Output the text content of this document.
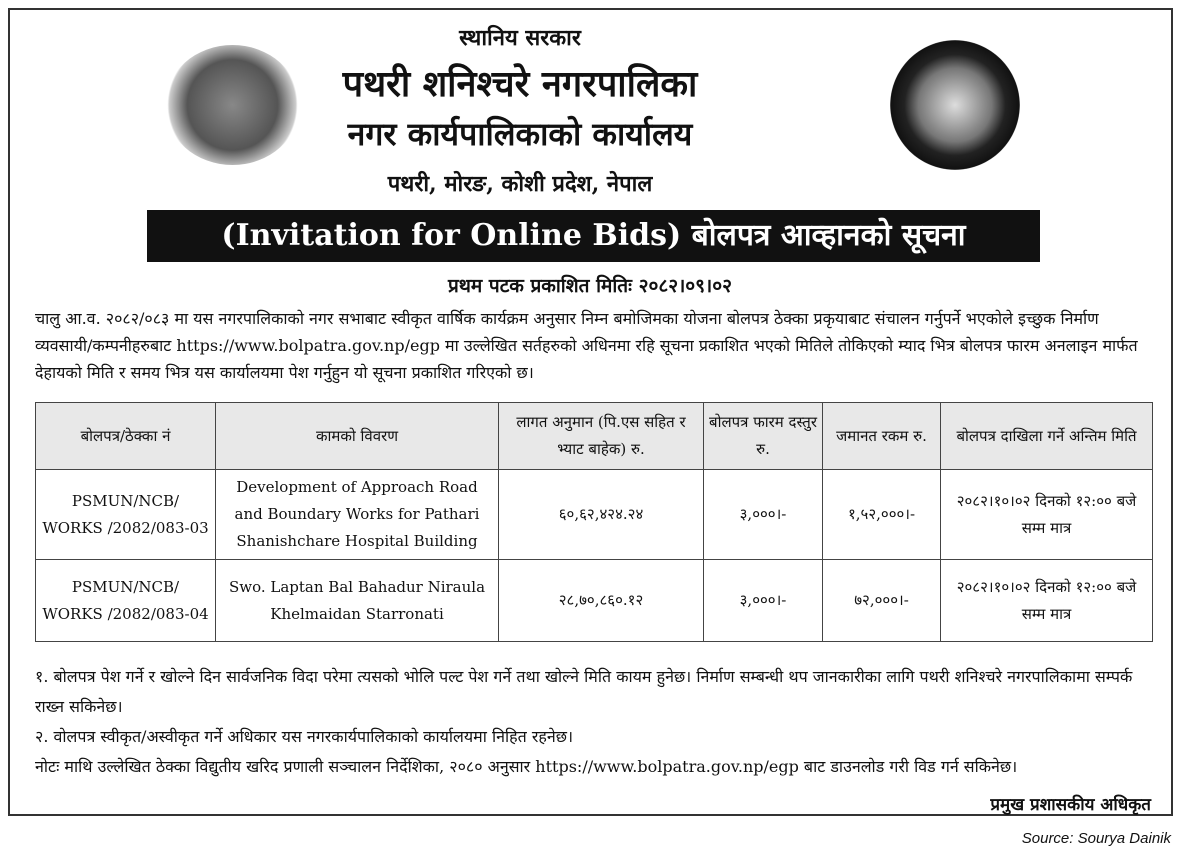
स्थानिय सरकार
पथरी शनिश्चरे नगरपालिका
नगर कार्यपालिकाको कार्यालय
पथरी, मोरङ, कोशी प्रदेश, नेपाल
(Invitation for Online Bids) बोलपत्र आव्हानको सूचना
प्रथम पटक प्रकाशित मितिः २०८२।०९।०२
चालु आ.व. २०८२/०८३ मा यस नगरपालिकाको नगर सभाबाट स्वीकृत वार्षिक कार्यक्रम अनुसार निम्न बमोजिमका योजना बोलपत्र ठेक्का प्रकृयाबाट संचालन गर्नुपर्ने भएकोले इच्छुक निर्माण व्यवसायी/कम्पनीहरुबाट https://www.bolpatra.gov.np/egp मा उल्लेखित सर्तहरुको अधिनमा रहि सूचना प्रकाशित भएको मितिले तोकिएको म्याद भित्र बोलपत्र फारम अनलाइन मार्फत देहायको मिति र समय भित्र यस कार्यालयमा पेश गर्नुहुन यो सूचना प्रकाशित गरिएको छ।
बोलपत्र/ठेक्का नं	कामको विवरण	लागत अनुमान (पि.एस सहित र भ्याट बाहेक) रु.	बोलपत्र फारम दस्तुर रु.	जमानत रकम रु.	बोलपत्र दाखिला गर्ने अन्तिम मिति
PSMUN/NCB/ WORKS /2082/083-03	Development of Approach Road and Boundary Works for Pathari Shanishchare Hospital Building	६०,६२,४२४.२४	३,०००।-	१,५२,०००।-	२०८२।१०।०२ दिनको १२:०० बजे सम्म मात्र
PSMUN/NCB/ WORKS /2082/083-04	Swo. Laptan Bal Bahadur Niraula Khelmaidan Starronati	२८,७०,८६०.१२	३,०००।-	७२,०००।-	२०८२।१०।०२ दिनको १२:०० बजे सम्म मात्र
१. बोलपत्र पेश गर्ने र खोल्ने दिन सार्वजनिक विदा परेमा त्यसको भोलि पल्ट पेश गर्ने तथा खोल्ने मिति कायम हुनेछ। निर्माण सम्बन्धी थप जानकारीका लागि पथरी शनिश्चरे नगरपालिकामा सम्पर्क राख्न सकिनेछ।
२. वोलपत्र स्वीकृत/अस्वीकृत गर्ने अधिकार यस नगरकार्यपालिकाको कार्यालयमा निहित रहनेछ।
नोटः माथि उल्लेखित ठेक्का विद्युतीय खरिद प्रणाली सञ्चालन निर्देशिका, २०८० अनुसार https://www.bolpatra.gov.np/egp बाट डाउनलोड गरी विड गर्न सकिनेछ।
प्रमुख प्रशासकीय अधिकृत
Source: Sourya Dainik
